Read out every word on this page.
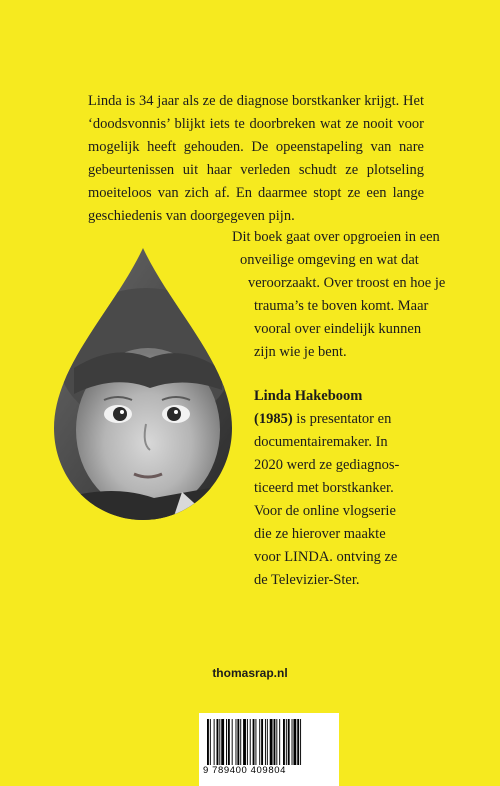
Linda is 34 jaar als ze de diagnose borstkanker krijgt. Het ‘doodsvonnis’ blijkt iets te doorbreken wat ze nooit voor mogelijk heeft gehouden. De opeenstapeling van nare gebeurtenissen uit haar verleden schudt ze plotseling moeiteloos van zich af. En daarmee stopt ze een lange geschiedenis van doorgegeven pijn.

Dit boek gaat over opgroeien in een
onveilige omgeving en wat dat
veroorzaakt. Over troost en hoe je
trauma’s te boven komt. Maar
vooral over eindelijk kunnen
zijn wie je bent.

Linda Hakeboom
(1985) is presentator en
documentairemaker. In
2020 werd ze gediagnos-
ticeerd met borstkanker.
Voor de online vlogserie
die ze hierover maakte
voor LINDA. ontving ze
de Televizier-Ster.

thomasrap.nl
9 789400 409804
